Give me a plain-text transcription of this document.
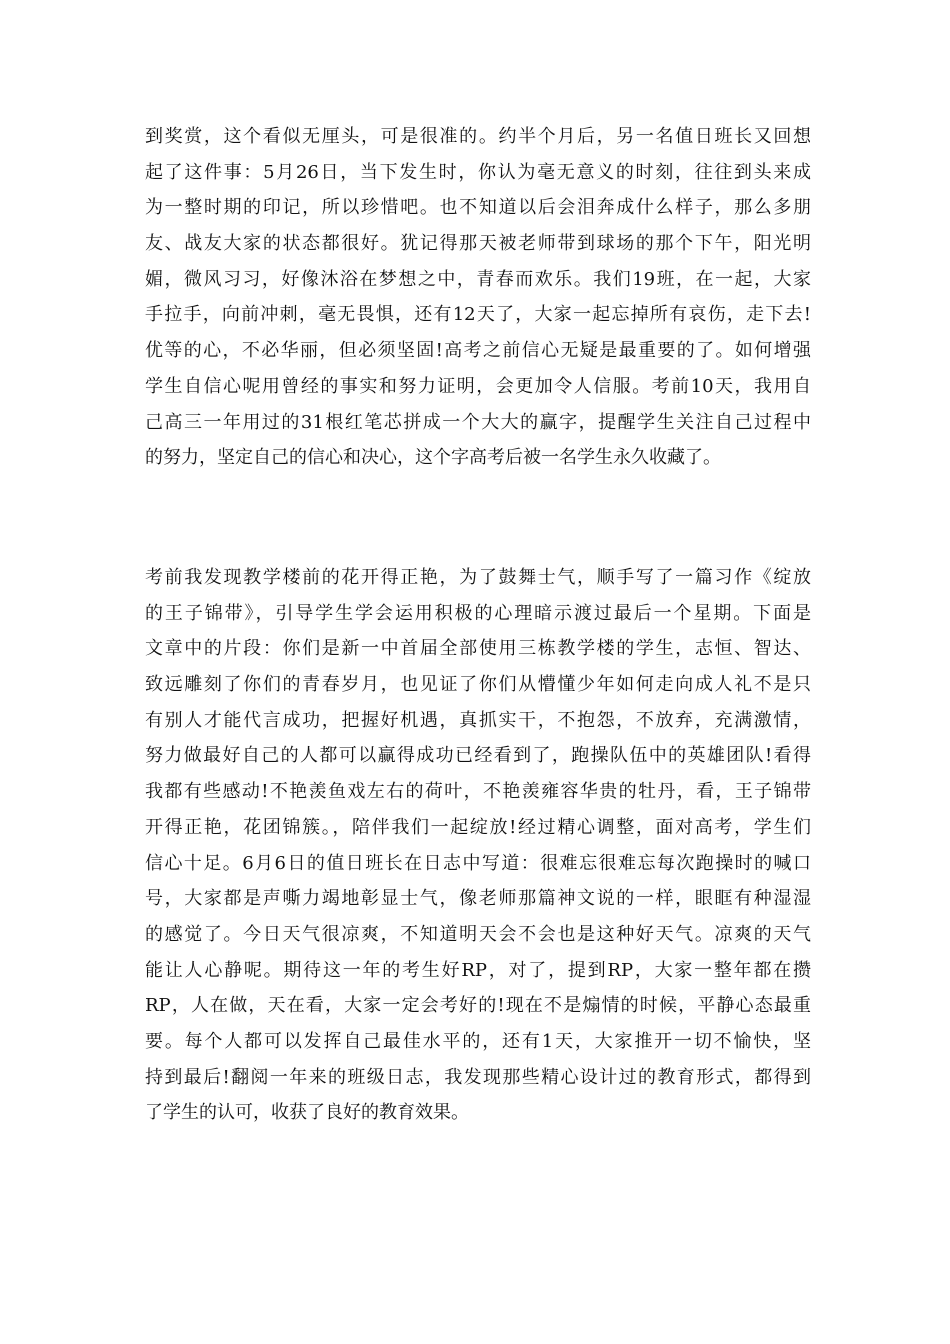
到奖赏，这个看似无厘头，可是很准的。约半个月后，另一名值日班长又回想
起了这件事：5月26日，当下发生时，你认为毫无意义的时刻，往往到头来成
为一整时期的印记，所以珍惜吧。也不知道以后会泪奔成什么样子，那么多朋
友、战友大家的状态都很好。犹记得那天被老师带到球场的那个下午，阳光明
媚，微风习习，好像沐浴在梦想之中，青春而欢乐。我们19班，在一起，大家
手拉手，向前冲刺，毫无畏惧，还有12天了，大家一起忘掉所有哀伤，走下去!
优等的心，不必华丽，但必须坚固!高考之前信心无疑是最重要的了。如何增强
学生自信心呢用曾经的事实和努力证明，会更加令人信服。考前10天，我用自
己高三一年用过的31根红笔芯拼成一个大大的赢字，提醒学生关注自己过程中
的努力，坚定自己的信心和决心，这个字高考后被一名学生永久收藏了。
考前我发现教学楼前的花开得正艳，为了鼓舞士气，顺手写了一篇习作《绽放
的王子锦带》，引导学生学会运用积极的心理暗示渡过最后一个星期。下面是
文章中的片段：你们是新一中首届全部使用三栋教学楼的学生，志恒、智达、
致远雕刻了你们的青春岁月，也见证了你们从懵懂少年如何走向成人礼不是只
有别人才能代言成功，把握好机遇，真抓实干，不抱怨，不放弃，充满激情，
努力做最好自己的人都可以赢得成功已经看到了，跑操队伍中的英雄团队!看得
我都有些感动!不艳羡鱼戏左右的荷叶，不艳羡雍容华贵的牡丹，看，王子锦带
开得正艳，花团锦簇。，陪伴我们一起绽放!经过精心调整，面对高考，学生们
信心十足。6月6日的值日班长在日志中写道：很难忘很难忘每次跑操时的喊口
号，大家都是声嘶力竭地彰显士气，像老师那篇神文说的一样，眼眶有种湿湿
的感觉了。今日天气很凉爽，不知道明天会不会也是这种好天气。凉爽的天气
能让人心静呢。期待这一年的考生好RP，对了，提到RP，大家一整年都在攒
RP，人在做，天在看，大家一定会考好的!现在不是煽情的时候，平静心态最重
要。每个人都可以发挥自己最佳水平的，还有1天，大家推开一切不愉快，坚
持到最后!翻阅一年来的班级日志，我发现那些精心设计过的教育形式，都得到
了学生的认可，收获了良好的教育效果。
